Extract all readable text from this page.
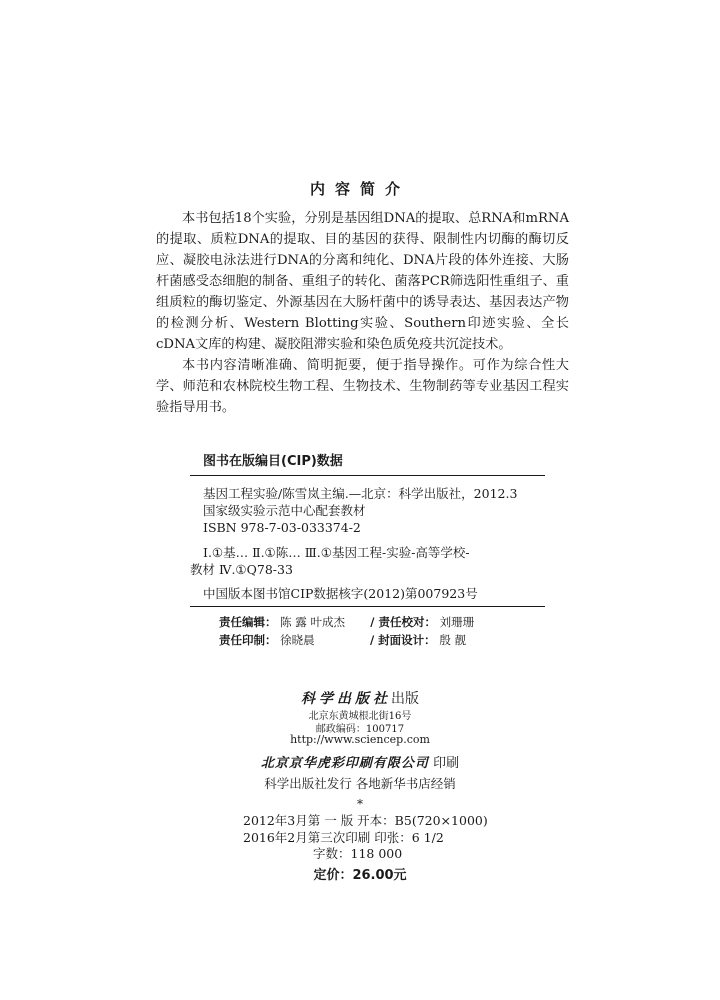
内容简介
本书包括18个实验，分别是基因组DNA的提取、总RNA和mRNA的提取、质粒DNA的提取、目的基因的获得、限制性内切酶的酶切反应、凝胶电泳法进行DNA的分离和纯化、DNA片段的体外连接、大肠杆菌感受态细胞的制备、重组子的转化、菌落PCR筛选阳性重组子、重组质粒的酶切鉴定、外源基因在大肠杆菌中的诱导表达、基因表达产物的检测分析、Western Blotting实验、Southern印迹实验、全长cDNA文库的构建、凝胶阻滞实验和染色质免疫共沉淀技术。
本书内容清晰准确、简明扼要，便于指导操作。可作为综合性大学、师范和农林院校生物工程、生物技术、生物制药等专业基因工程实验指导用书。
图书在版编目(CIP)数据
基因工程实验/陈雪岚主编.—北京：科学出版社，2012.3
国家级实验示范中心配套教材
ISBN 978-7-03-033374-2
Ⅰ.①基… Ⅱ.①陈… Ⅲ.①基因工程-实验-高等学校-
教材 Ⅳ.①Q78-33
中国版本图书馆CIP数据核字(2012)第007923号
责任编辑： 陈 露 叶成杰 / 责任校对： 刘珊珊
责任印制： 徐晓晨	/ 封面设计： 殷 靓
科学出版社出版
北京东黄城根北街16号
邮政编码：100717
http://www.sciencep.com
北京京华虎彩印刷有限公司 印刷
科学出版社发行 各地新华书店经销
*
2012年3月第 一 版 开本：B5(720×1000)
2016年2月第三次印刷 印张：6 1/2
字数：118 000
定价：26.00元
